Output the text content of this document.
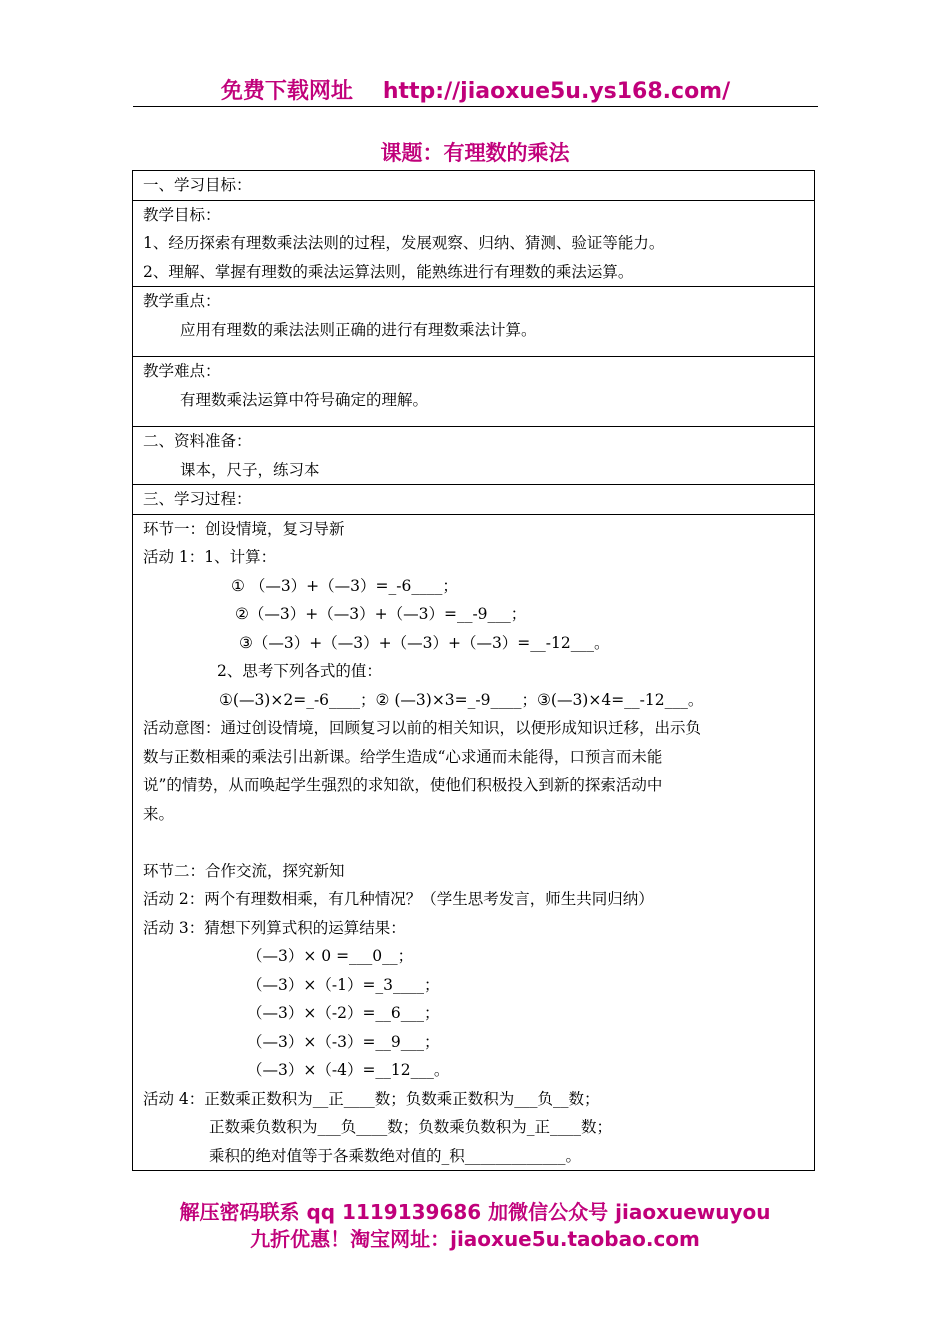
免费下载网址 http://jiaoxue5u.ys168.com/
课题：有理数的乘法
一、学习目标：

教学目标：
1、经历探索有理数乘法法则的过程，发展观察、归纳、猜测、验证等能力。
2、理解、掌握有理数的乘法运算法则，能熟练进行有理数的乘法运算。

教学重点：
应用有理数的乘法法则正确的进行有理数乘法计算。

教学难点：
有理数乘法运算中符号确定的理解。

二、资料准备：
课本，尺子，练习本

三、学习过程：

环节一：创设情境，复习导新
活动 1：1、计算：
① （—3）+（—3）=_-6____；
②（—3）+（—3）+（—3）=__-9___；
③（—3）+（—3）+（—3）+（—3）=__-12___。
2、思考下列各式的值：
①(—3)×2=_-6____；② (—3)×3=_-9____；③(—3)×4=__-12___。
活动意图：通过创设情境，回顾复习以前的相关知识，以便形成知识迁移，出示负
数与正数相乘的乘法引出新课。给学生造成“心求通而未能得，口预言而未能
说”的情势，从而唤起学生强烈的求知欲，使他们积极投入到新的探索活动中
来。
环节二：合作交流，探究新知
活动 2：两个有理数相乘，有几种情况？（学生思考发言，师生共同归纳）
活动 3：猜想下列算式积的运算结果：
（—3）× 0 =___0__；
（—3）×（-1）=_3____；
（—3）×（-2）=__6___；
（—3）×（-3）=__9___；
（—3）×（-4）=__12___。
活动 4：正数乘正数积为__正____数；负数乘正数积为___负__数；
正数乘负数积为___负____数；负数乘负数积为_正____数；
乘积的绝对值等于各乘数绝对值的_积_____________。
解压密码联系 qq 1119139686 加微信公众号 jiaoxuewuyou
九折优惠！淘宝网址：jiaoxue5u.taobao.com
